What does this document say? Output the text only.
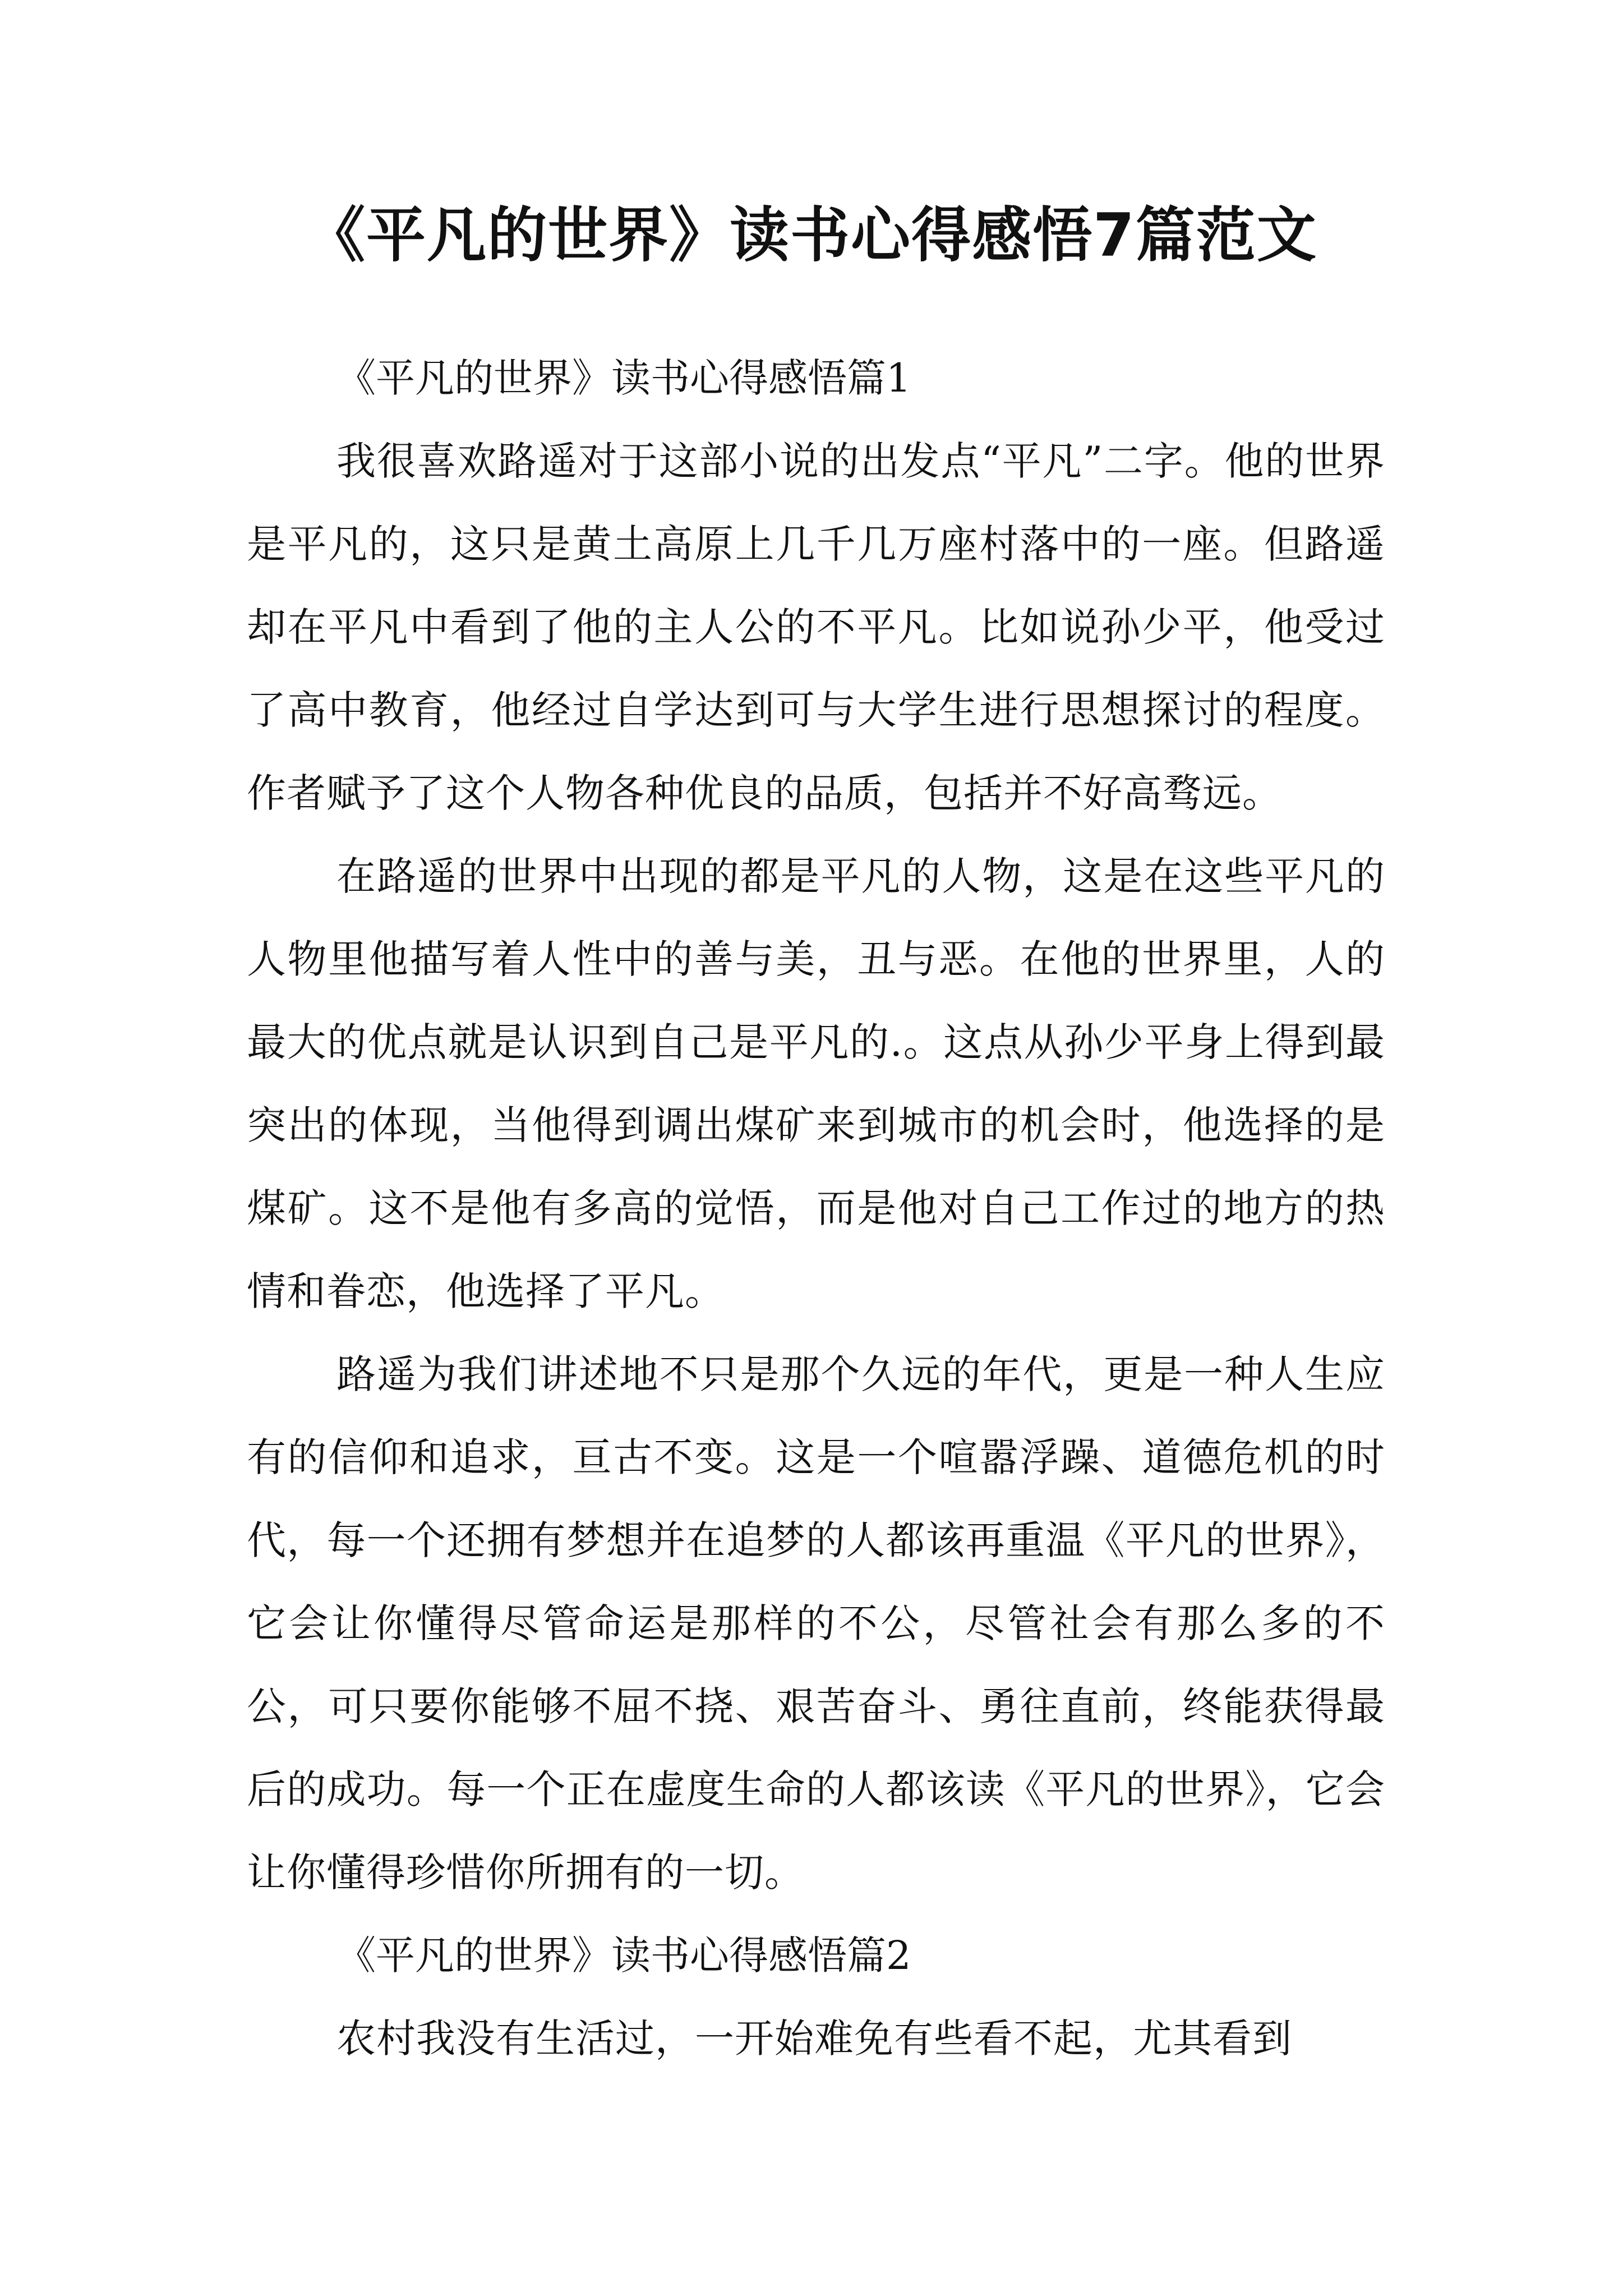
《平凡的世界》读书心得感悟7篇范文

《平凡的世界》读书心得感悟篇1

我很喜欢路遥对于这部小说的出发点“平凡”二字。他的世界是平凡的，这只是黄土高原上几千几万座村落中的一座。但路遥却在平凡中看到了他的主人公的不平凡。比如说孙少平，他受过了高中教育，他经过自学达到可与大学生进行思想探讨的程度。作者赋予了这个人物各种优良的品质，包括并不好高骛远。

在路遥的世界中出现的都是平凡的人物，这是在这些平凡的人物里他描写着人性中的善与美，丑与恶。在他的世界里，人的最大的优点就是认识到自己是平凡的.。这点从孙少平身上得到最突出的体现，当他得到调出煤矿来到城市的机会时，他选择的是煤矿。这不是他有多高的觉悟，而是他对自己工作过的地方的热情和眷恋，他选择了平凡。

路遥为我们讲述地不只是那个久远的年代，更是一种人生应有的信仰和追求，亘古不变。这是一个喧嚣浮躁、道德危机的时代，每一个还拥有梦想并在追梦的人都该再重温《平凡的世界》，它会让你懂得尽管命运是那样的不公，尽管社会有那么多的不公，可只要你能够不屈不挠、艰苦奋斗、勇往直前，终能获得最后的成功。每一个正在虚度生命的人都该读《平凡的世界》，它会让你懂得珍惜你所拥有的一切。

《平凡的世界》读书心得感悟篇2

农村我没有生活过，一开始难免有些看不起，尤其看到
